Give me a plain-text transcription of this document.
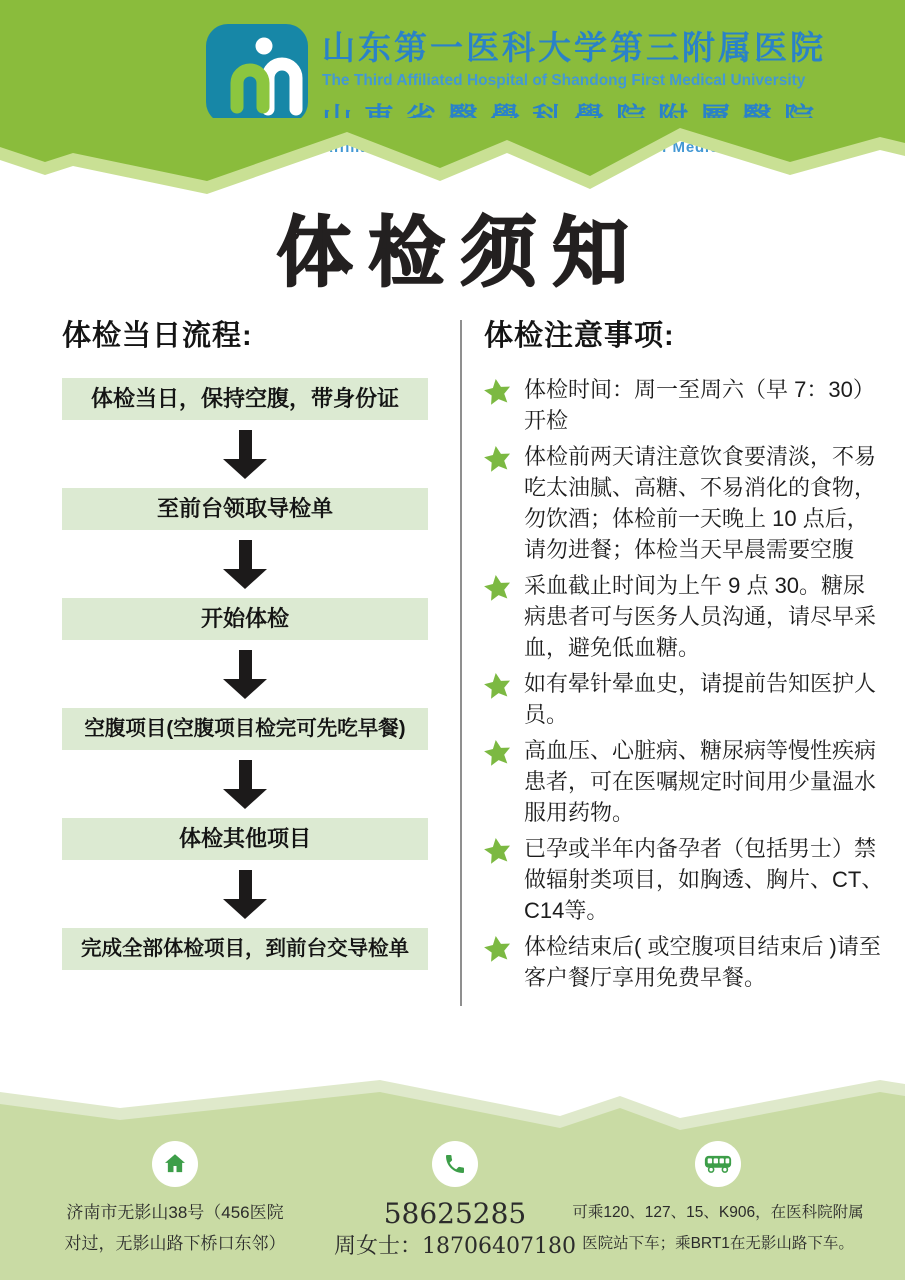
山东第一医科大学第三附属医院
The Third Affiliated Hospital of Shandong First Medical University
体检须知
体检当日流程:
体检当日，保持空腹，带身份证
至前台领取导检单
开始体检
空腹项目(空腹项目检完可先吃早餐)
体检其他项目
完成全部体检项目，到前台交导检单
体检注意事项:

体检时间：周一至周六（早 7：30）开检

体检前两天请注意饮食要清淡，不易吃太油腻、高糖、不易消化的食物，勿饮酒；体检前一天晚上 10 点后，请勿进餐；体检当天早晨需要空腹

采血截止时间为上午 9 点 30。糖尿病患者可与医务人员沟通，请尽早采血，避免低血糖。

如有晕针晕血史，请提前告知医护人员。

高血压、心脏病、糖尿病等慢性疾病患者，可在医嘱规定时间用少量温水服用药物。

已孕或半年内备孕者（包括男士）禁做辐射类项目，如胸透、胸片、CT、C14等。

体检结束后( 或空腹项目结束后 )请至客户餐厅享用免费早餐。

济南市无影山38号（456医院
对过，无影山路下桥口东邻）
58625285
周女士：18706407180
可乘120、127、15、K906，在医科院附属
医院站下车；乘BRT1在无影山路下车。
